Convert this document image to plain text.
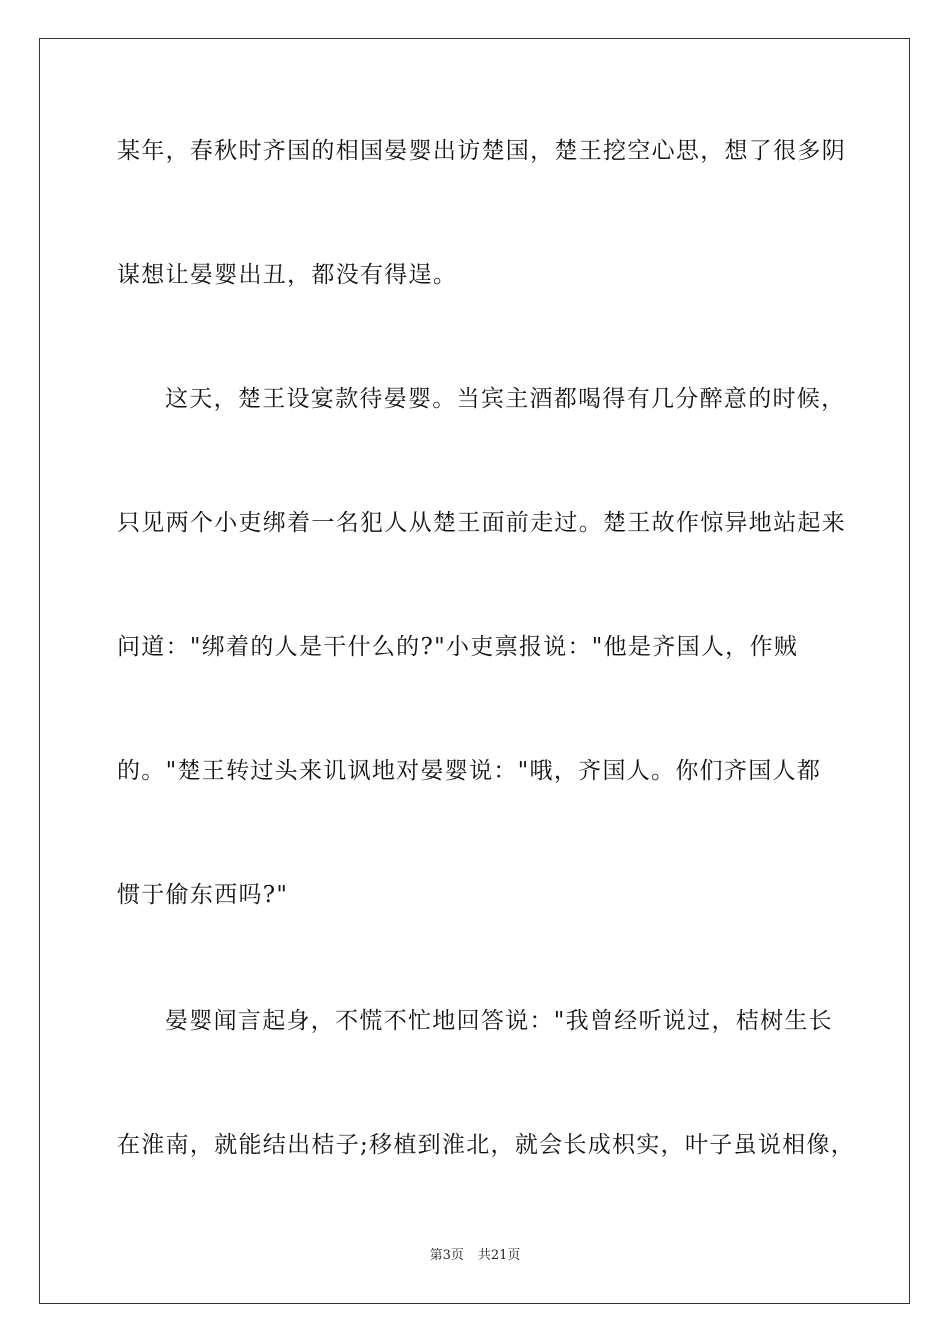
某年，春秋时齐国的相国晏婴出访楚国，楚王挖空心思，想了很多阴
谋想让晏婴出丑，都没有得逞。
这天，楚王设宴款待晏婴。当宾主酒都喝得有几分醉意的时候，
只见两个小吏绑着一名犯人从楚王面前走过。楚王故作惊异地站起来
问道："绑着的人是干什么的?"小吏禀报说："他是齐国人，作贼
的。"楚王转过头来讥讽地对晏婴说："哦，齐国人。你们齐国人都
惯于偷东西吗?"
晏婴闻言起身，不慌不忙地回答说："我曾经听说过，桔树生长
在淮南，就能结出桔子;移植到淮北，就会长成枳实，叶子虽说相像，
第3页 共21页
